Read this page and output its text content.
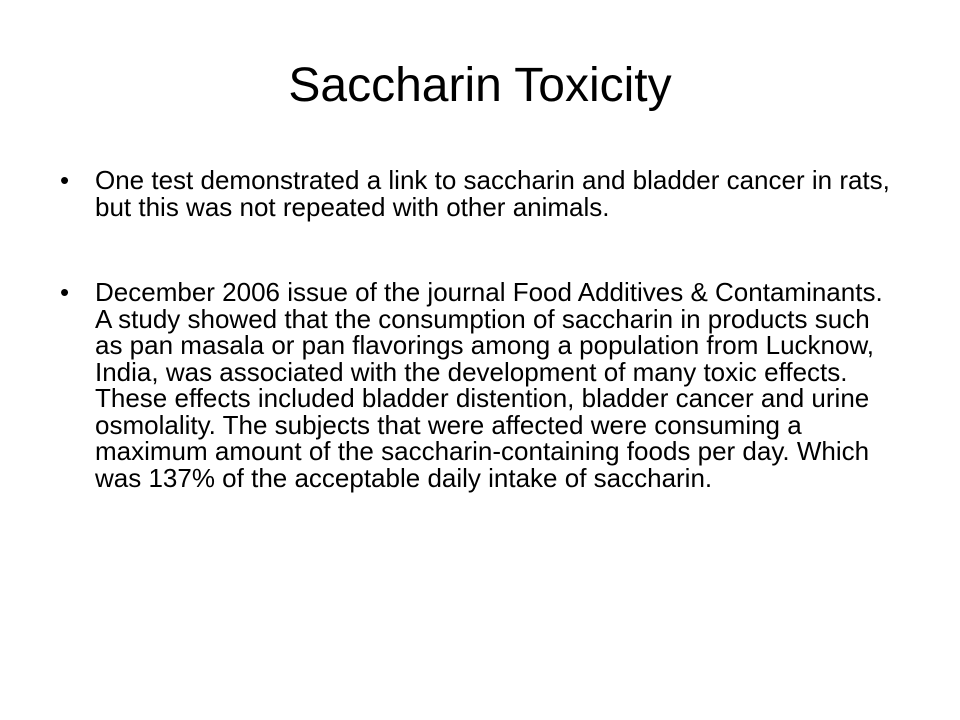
Saccharin Toxicity
• One test demonstrated a link to saccharin and bladder cancer in rats, but this was not repeated with other animals.
• December 2006 issue of the journal Food Additives & Contaminants. A study showed that the consumption of saccharin in products such as pan masala or pan flavorings among a population from Lucknow, India, was associated with the development of many toxic effects. These effects included bladder distention, bladder cancer and urine osmolality. The subjects that were affected were consuming a maximum amount of the saccharin-containing foods per day. Which was 137% of the acceptable daily intake of saccharin.
